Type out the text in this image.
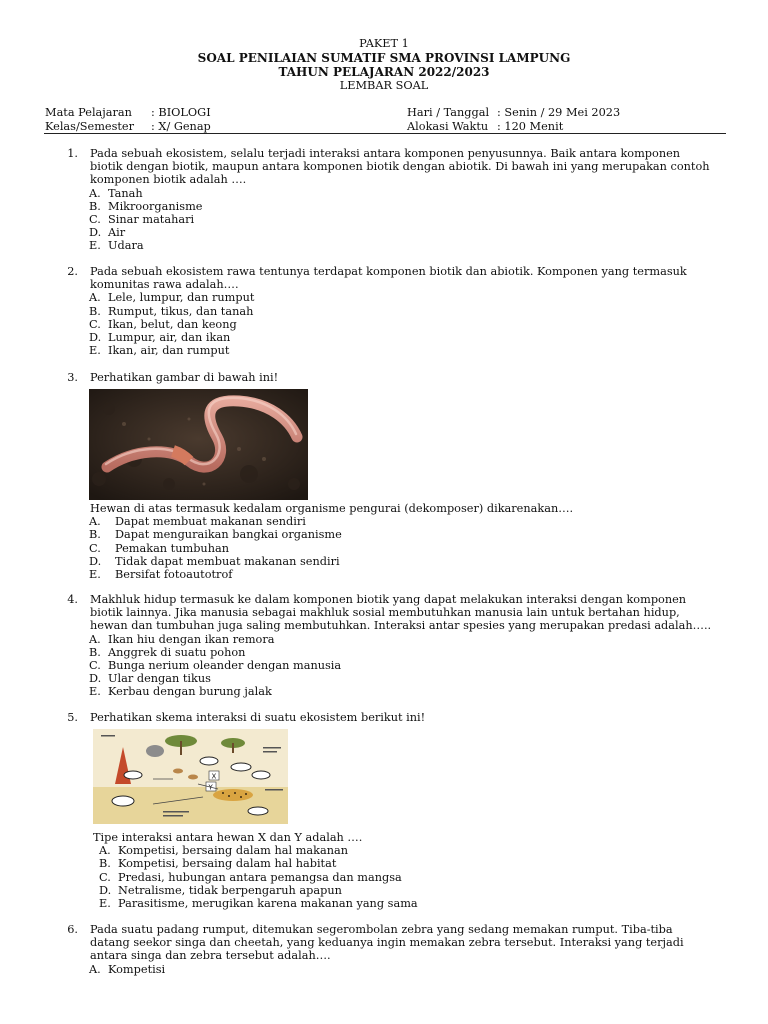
PAKET 1
SOAL PENILAIAN SUMATIF SMA PROVINSI LAMPUNG
TAHUN PELAJARAN 2022/2023
LEMBAR SOAL
Mata Pelajaran : BIOLOGI
Kelas/Semester : X/ Genap
Hari / Tanggal : Senin / 29 Mei 2023
Alokasi Waktu : 120 Menit
1. Pada sebuah ekosistem, selalu terjadi interaksi antara komponen penyusunnya. Baik antara komponen
biotik dengan biotik, maupun antara komponen biotik dengan abiotik. Di bawah ini yang merupakan contoh
komponen biotik adalah ….
A. Tanah
B. Mikroorganisme
C. Sinar matahari
D. Air
E. Udara
2. Pada sebuah ekosistem rawa tentunya terdapat komponen biotik dan abiotik. Komponen yang termasuk
komunitas rawa adalah….
A. Lele, lumpur, dan rumput
B. Rumput, tikus, dan tanah
C. Ikan, belut, dan keong
D. Lumpur, air, dan ikan
E. Ikan, air, dan rumput
3. Perhatikan gambar di bawah ini!
Hewan di atas termasuk kedalam organisme pengurai (dekomposer) dikarenakan….
A.	Dapat membuat makanan sendiri
B.	Dapat menguraikan bangkai organisme
C.	Pemakan tumbuhan
D.	Tidak dapat membuat makanan sendiri
E.	Bersifat fotoautotrof
4. Makhluk hidup termasuk ke dalam komponen biotik yang dapat melakukan interaksi dengan komponen
biotik lainnya. Jika manusia sebagai makhluk sosial membutuhkan manusia lain untuk bertahan hidup,
hewan dan tumbuhan juga saling membutuhkan. Interaksi antar spesies yang merupakan predasi adalah…..
A. Ikan hiu dengan ikan remora
B. Anggrek di suatu pohon
C. Bunga nerium oleander dengan manusia
D. Ular dengan tikus
E. Kerbau dengan burung jalak
5. Perhatikan skema interaksi di suatu ekosistem berikut ini!
X
Y
Tipe interaksi antara hewan X dan Y adalah ….
A. Kompetisi, bersaing dalam hal makanan
B. Kompetisi, bersaing dalam hal habitat
C. Predasi, hubungan antara pemangsa dan mangsa
D. Netralisme, tidak berpengaruh apapun
E. Parasitisme, merugikan karena makanan yang sama
6. Pada suatu padang rumput, ditemukan segerombolan zebra yang sedang memakan rumput. Tiba-tiba
datang seekor singa dan cheetah, yang keduanya ingin memakan zebra tersebut. Interaksi yang terjadi
antara singa dan zebra tersebut adalah….
A. Kompetisi
